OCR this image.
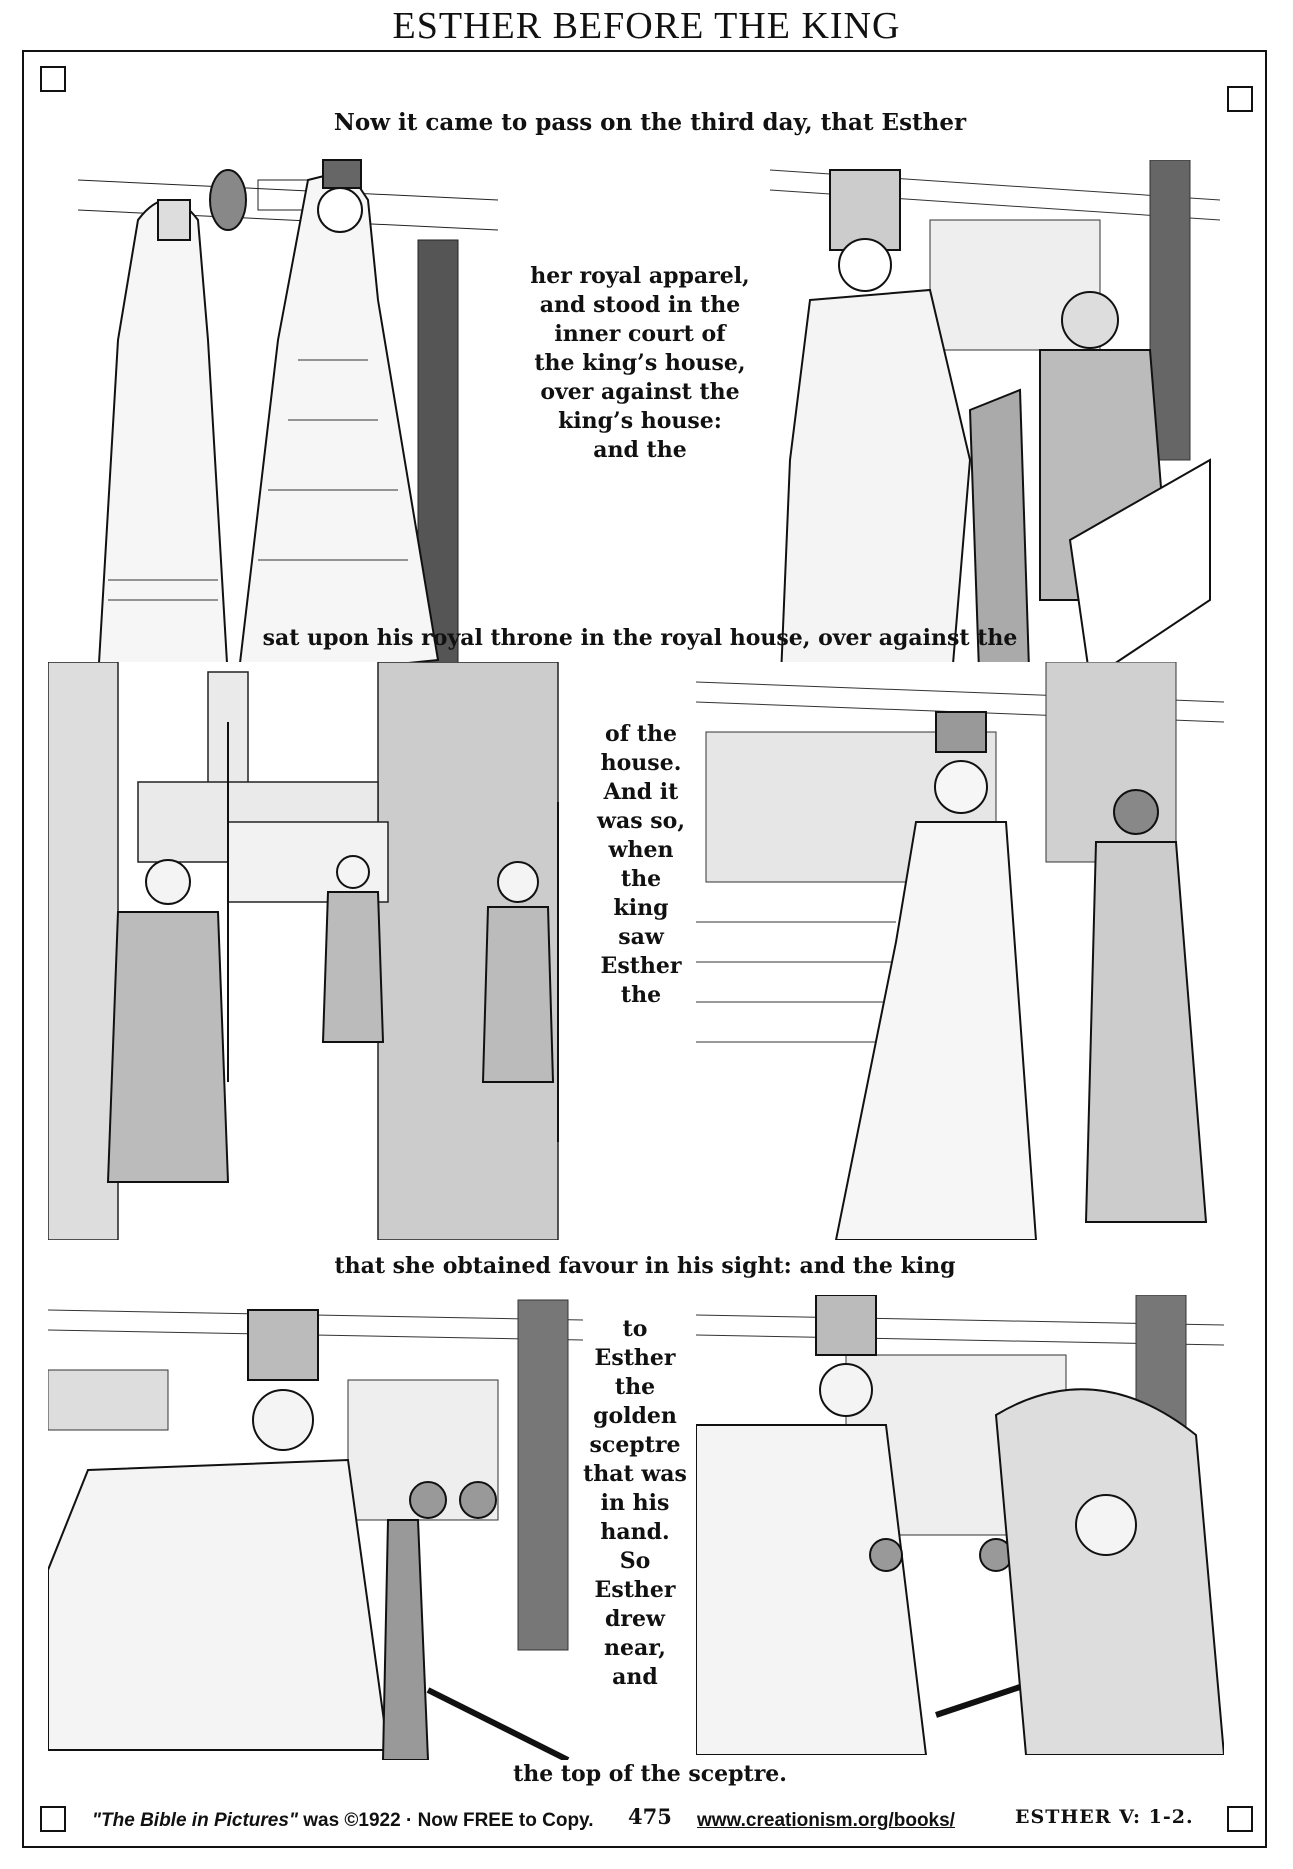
ESTHER BEFORE THE KING
Now it came to pass on the third day, that Esther
her royal apparel,
and stood in the
inner court of
the king’s house,
over against the
king’s house:
and the
sat upon his royal throne in the royal house, over against the
of the
house.
And it
was so,
when the
king saw
Esther
the
that she obtained favour in his sight: and the king
to Esther
the
golden
sceptre
that was
in his
hand.
So Esther
drew near,
and
the top of the sceptre.
"The Bible in Pictures" was ©1922 · Now FREE to Copy. 475 www.creationism.org/books/	ESTHER V: 1-2.
